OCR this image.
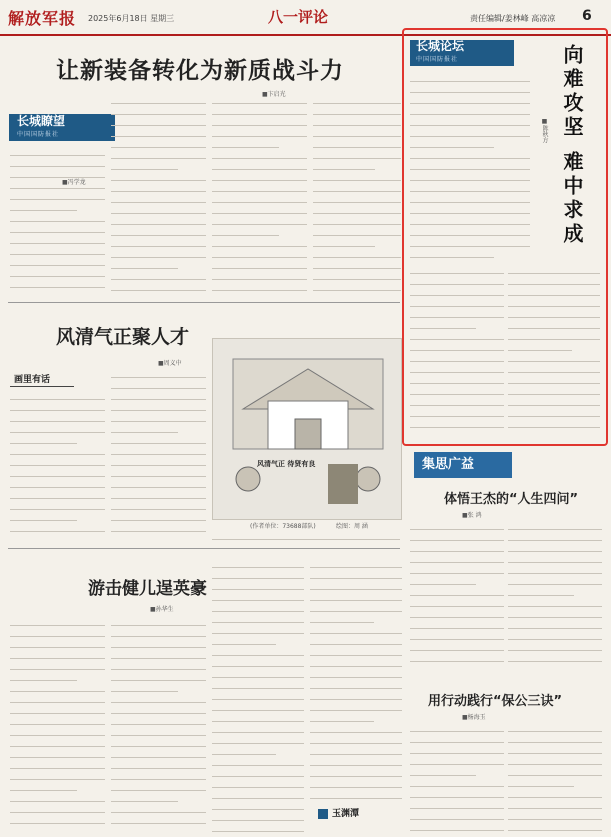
解放军报 2025年6月18日 星期三	八一评论	责任编辑/姜林峰 高凉凉 6
让新装备转化为新质战斗力
■卞启光
长城瞭望
中国国防报社
■冯学龙
风清气正聚人才
■周义中
画里有话
风清气正 待贤有良
(作者单位：73688部队)	绘图：周 涵
长城论坛
中国国防报社	向难攻坚 难中求成
■陈秋方
集思广益
体悟王杰的“人生四问”
■张 鸿
用行动践行“保公三诀”
■杨海玉
游击健儿逞英豪
■孙华生
玉渊潭
